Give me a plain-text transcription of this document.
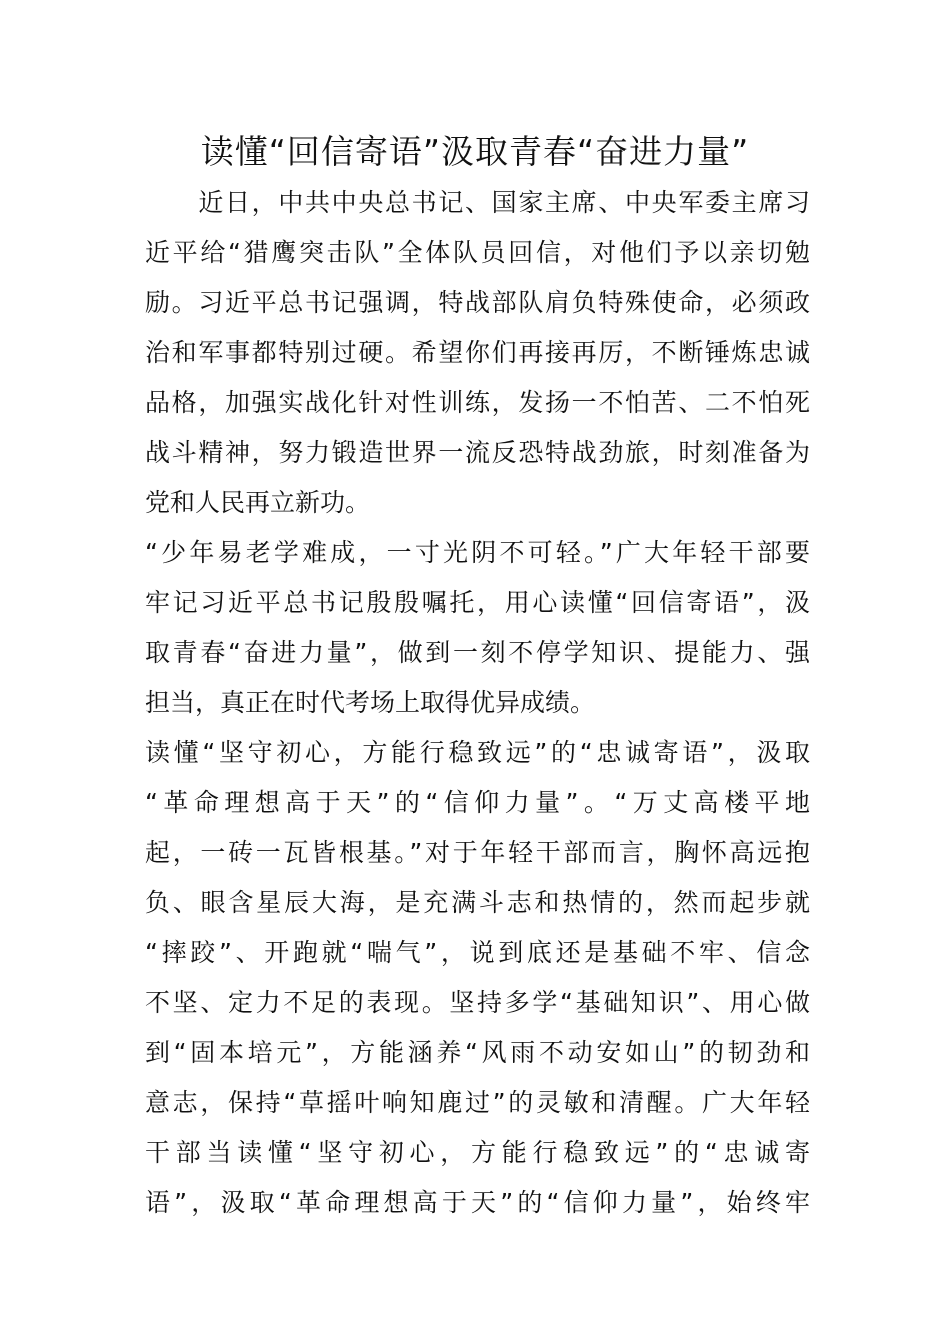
读懂“回信寄语”汲取青春“奋进力量”
　　近日，中共中央总书记、国家主席、中央军委主席习
近平给“猎鹰突击队”全体队员回信，对他们予以亲切勉
励。习近平总书记强调，特战部队肩负特殊使命，必须政
治和军事都特别过硬。希望你们再接再厉，不断锤炼忠诚
品格，加强实战化针对性训练，发扬一不怕苦、二不怕死
战斗精神，努力锻造世界一流反恐特战劲旅，时刻准备为
党和人民再立新功。
“少年易老学难成，一寸光阴不可轻。”广大年轻干部要
牢记习近平总书记殷殷嘱托，用心读懂“回信寄语”，汲
取青春“奋进力量”，做到一刻不停学知识、提能力、强
担当，真正在时代考场上取得优异成绩。
读懂“坚守初心，方能行稳致远”的“忠诚寄语”，汲取
“革命理想高于天”的“信仰力量”。“万丈高楼平地
起，一砖一瓦皆根基。”对于年轻干部而言，胸怀高远抱
负、眼含星辰大海，是充满斗志和热情的，然而起步就
“摔跤”、开跑就“喘气”，说到底还是基础不牢、信念
不坚、定力不足的表现。坚持多学“基础知识”、用心做
到“固本培元”，方能涵养“风雨不动安如山”的韧劲和
意志，保持“草摇叶响知鹿过”的灵敏和清醒。广大年轻
干部当读懂“坚守初心，方能行稳致远”的“忠诚寄
语”，汲取“革命理想高于天”的“信仰力量”，始终牢
